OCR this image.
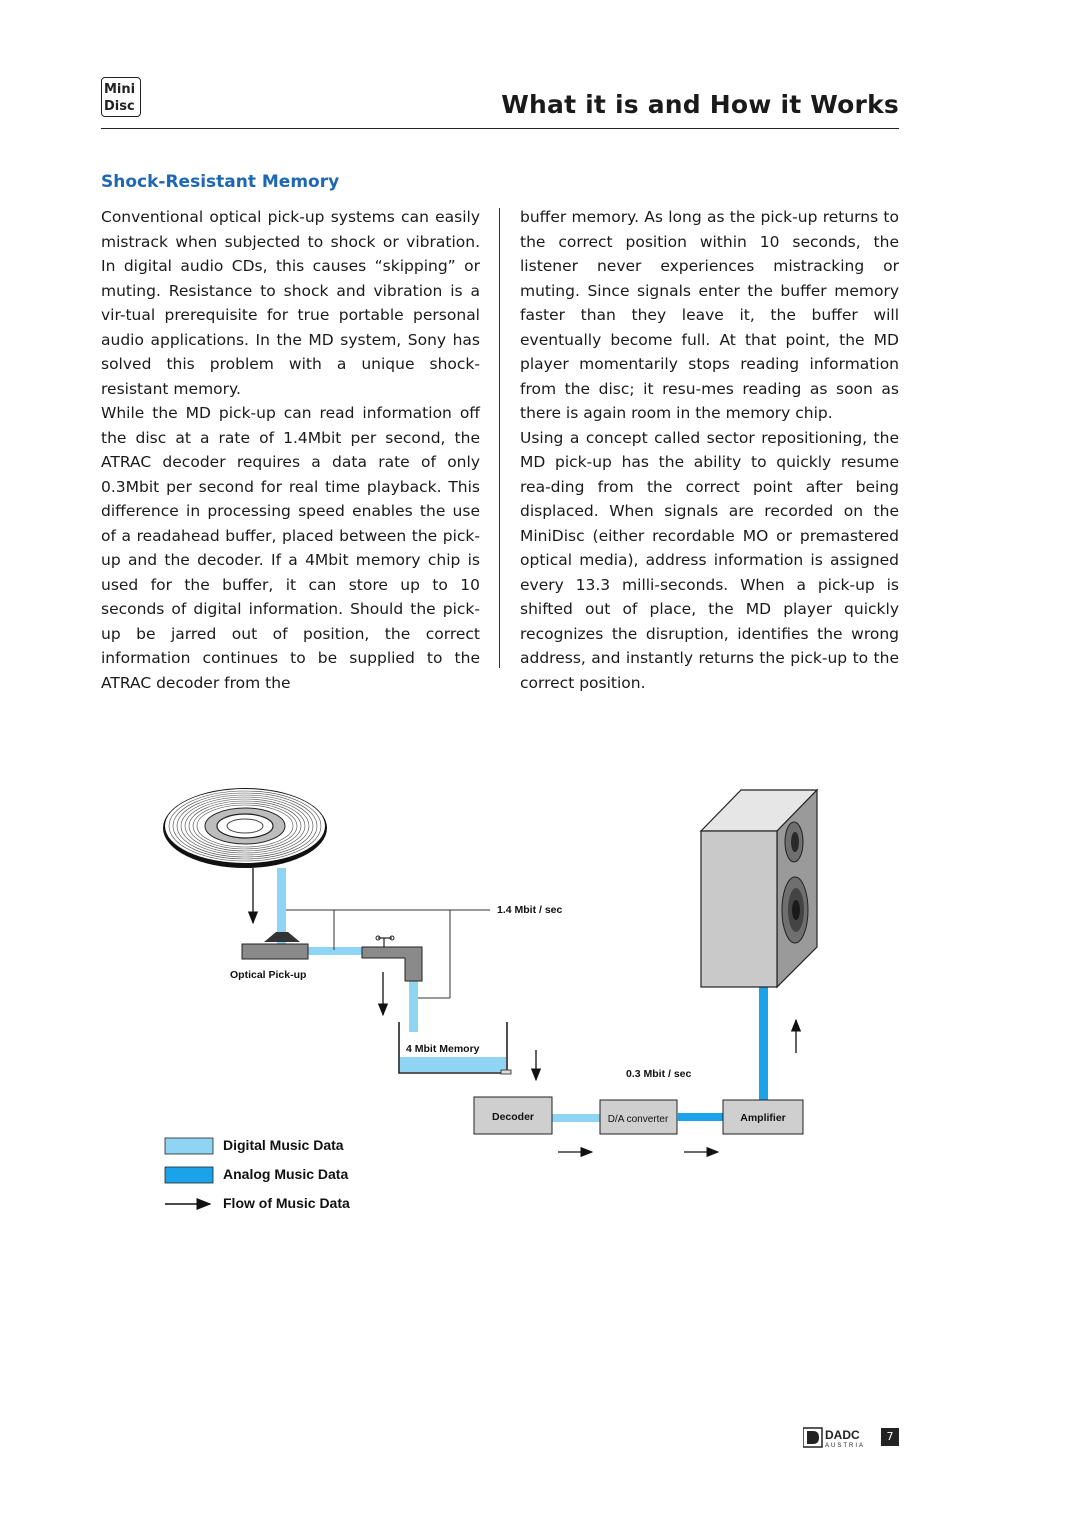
Mini
Disc	What it is and How it Works
Shock-Resistant Memory

Conventional optical pick-up systems can easily mistrack when subjected to shock or vibration. In digital audio CDs, this causes “skipping” or muting. Resistance to shock and vibration is a vir-tual prerequisite for true portable personal audio applications. In the MD system, Sony has solved this problem with a unique shock-resistant memory.

While the MD pick-up can read information off the disc at a rate of 1.4Mbit per second, the ATRAC decoder requires a data rate of only 0.3Mbit per second for real time playback. This difference in processing speed enables the use of a readahead buffer, placed between the pick-up and the decoder. If a 4Mbit memory chip is used for the buffer, it can store up to 10 seconds of digital information. Should the pick-up be jarred out of position, the correct information continues to be supplied to the ATRAC decoder from the

buffer memory. As long as the pick-up returns to the correct position within 10 seconds, the listener never experiences mistracking or muting. Since signals enter the buffer memory faster than they leave it, the buffer will eventually become full. At that point, the MD player momentarily stops reading information from the disc; it resu-mes reading as soon as there is again room in the memory chip.

Using a concept called sector repositioning, the MD pick-up has the ability to quickly resume rea-ding from the correct point after being displaced. When signals are recorded on the MiniDisc (either recordable MO or premastered optical media), address information is assigned every 13.3 milli-seconds. When a pick-up is shifted out of place, the MD player quickly recognizes the disruption, identifies the wrong address, and instantly returns the pick-up to the correct position.

Optical Pick-up
1.4 Mbit / sec
4 Mbit Memory
0.3 Mbit / sec
Decoder	D/A converter	Amplifier
Digital Music Data
Analog Music Data
Flow of Music Data
DADC
AUSTRIA
7
